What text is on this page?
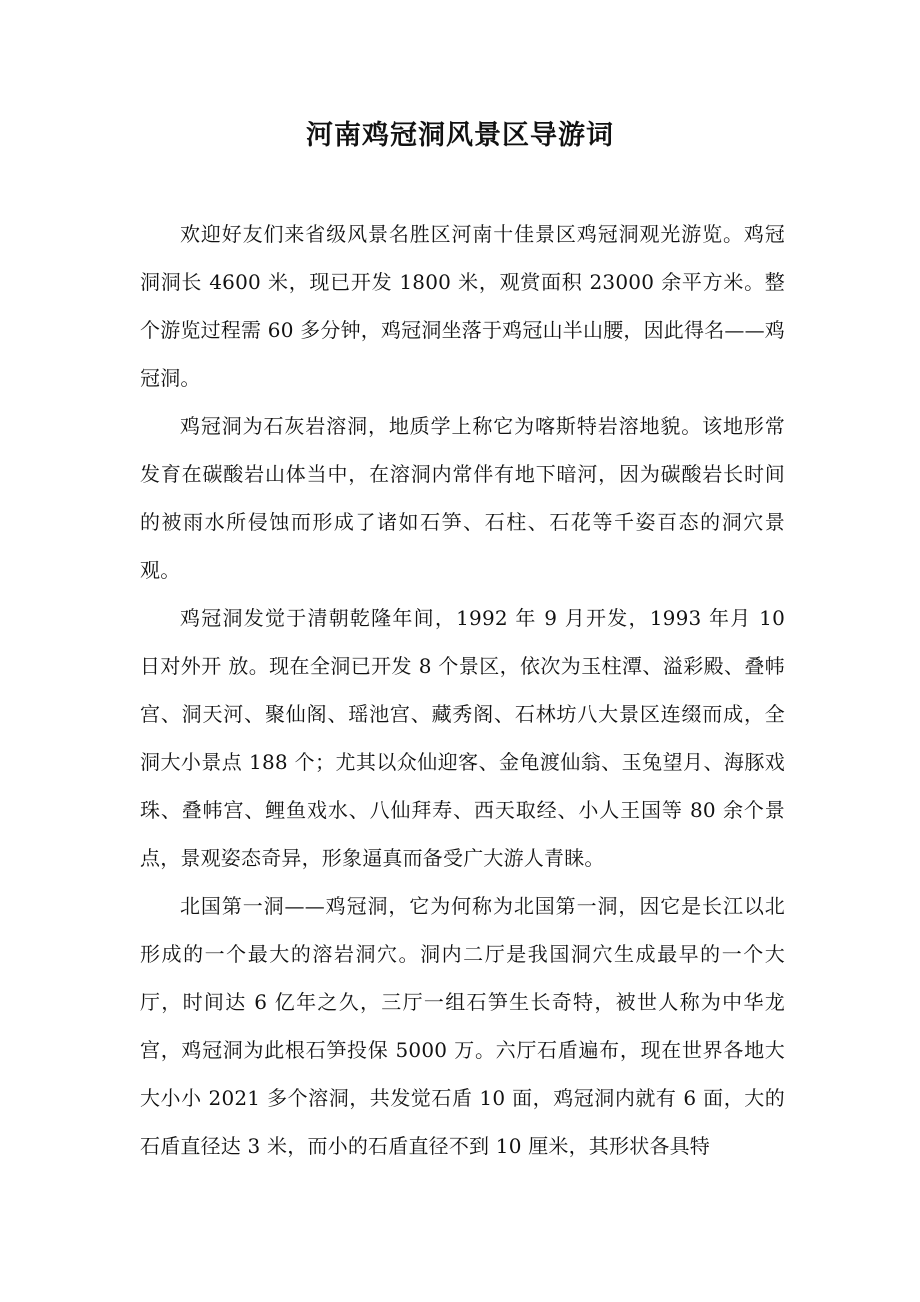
河南鸡冠洞风景区导游词

欢迎好友们来省级风景名胜区河南十佳景区鸡冠洞观光游览。鸡冠洞洞长 4600 米，现已开发 1800 米，观赏面积 23000 余平方米。整个游览过程需 60 多分钟，鸡冠洞坐落于鸡冠山半山腰，因此得名——鸡冠洞。

鸡冠洞为石灰岩溶洞，地质学上称它为喀斯特岩溶地貌。该地形常发育在碳酸岩山体当中，在溶洞内常伴有地下暗河，因为碳酸岩长时间的被雨水所侵蚀而形成了诸如石笋、石柱、石花等千姿百态的洞穴景观。

鸡冠洞发觉于清朝乾隆年间，1992 年 9 月开发，1993 年月 10 日对外开 放。现在全洞已开发 8 个景区，依次为玉柱潭、溢彩殿、叠帏宫、洞天河、聚仙阁、瑶池宫、藏秀阁、石林坊八大景区连缀而成，全洞大小景点 188 个；尤其以众仙迎客、金龟渡仙翁、玉兔望月、海豚戏珠、叠帏宫、鲤鱼戏水、八仙拜寿、西天取经、小人王国等 80 余个景点，景观姿态奇异，形象逼真而备受广大游人青睐。

北国第一洞——鸡冠洞，它为何称为北国第一洞，因它是长江以北形成的一个最大的溶岩洞穴。洞内二厅是我国洞穴生成最早的一个大厅，时间达 6 亿年之久，三厅一组石笋生长奇特，被世人称为中华龙宫，鸡冠洞为此根石笋投保 5000 万。六厅石盾遍布，现在世界各地大大小小 2021 多个溶洞，共发觉石盾 10 面，鸡冠洞内就有 6 面，大的石盾直径达 3 米，而小的石盾直径不到 10 厘米，其形状各具特
